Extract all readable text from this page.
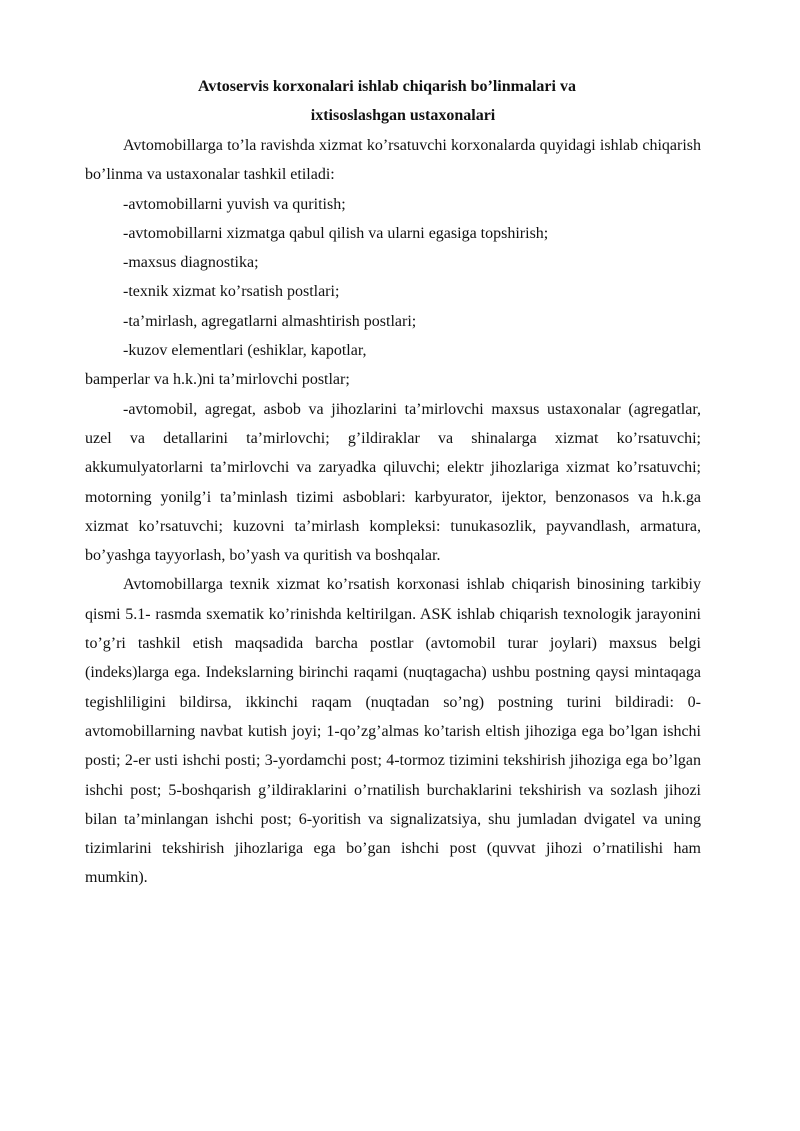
Avtoservis korxonalari ishlab chiqarish bo’linmalari va
ixtisoslashgan ustaxonalari

Avtomobillarga to’la ravishda xizmat ko’rsatuvchi korxonalarda quyidagi ishlab chiqarish bo’linma va ustaxonalar tashkil etiladi:

-avtomobillarni yuvish va quritish;

-avtomobillarni xizmatga qabul qilish va ularni egasiga topshirish;

-maxsus diagnostika;

-texnik xizmat ko’rsatish postlari;

-ta’mirlash, agregatlarni almashtirish postlari;

-kuzov elementlari (eshiklar, kapotlar,

bamperlar va h.k.)ni ta’mirlovchi postlar;

-avtomobil, agregat, asbob va jihozlarini ta’mirlovchi maxsus ustaxonalar (agregatlar, uzel va detallarini ta’mirlovchi; g’ildiraklar va shinalarga xizmat ko’rsatuvchi; akkumulyatorlarni ta’mirlovchi va zaryadka qiluvchi; elektr jihozlariga xizmat ko’rsatuvchi; motorning yonilg’i ta’minlash tizimi asboblari: karbyurator, ijektor, benzonasos va h.k.ga xizmat ko’rsatuvchi; kuzovni ta’mirlash kompleksi: tunukasozlik, payvandlash, armatura, bo’yashga tayyorlash, bo’yash va quritish va boshqalar.

Avtomobillarga texnik xizmat ko’rsatish korxonasi ishlab chiqarish binosining tarkibiy qismi 5.1- rasmda sxematik ko’rinishda keltirilgan. ASK ishlab chiqarish texnologik jarayonini to’g’ri tashkil etish maqsadida barcha postlar (avtomobil turar joylari) maxsus belgi (indeks)larga ega. Indekslarning birinchi raqami (nuqtagacha) ushbu postning qaysi mintaqaga tegishliligini bildirsa, ikkinchi raqam (nuqtadan so’ng) postning turini bildiradi: 0-avtomobillarning navbat kutish joyi; 1-qo’zg’almas ko’tarish eltish jihoziga ega bo’lgan ishchi posti; 2-er usti ishchi posti; 3-yordamchi post; 4-tormoz tizimini tekshirish jihoziga ega bo’lgan ishchi post; 5-boshqarish g’ildiraklarini o’rnatilish burchaklarini tekshirish va sozlash jihozi bilan ta’minlangan ishchi post; 6-yoritish va signalizatsiya, shu jumladan dvigatel va uning tizimlarini tekshirish jihozlariga ega bo’gan ishchi post (quvvat jihozi o’rnatilishi ham mumkin).
